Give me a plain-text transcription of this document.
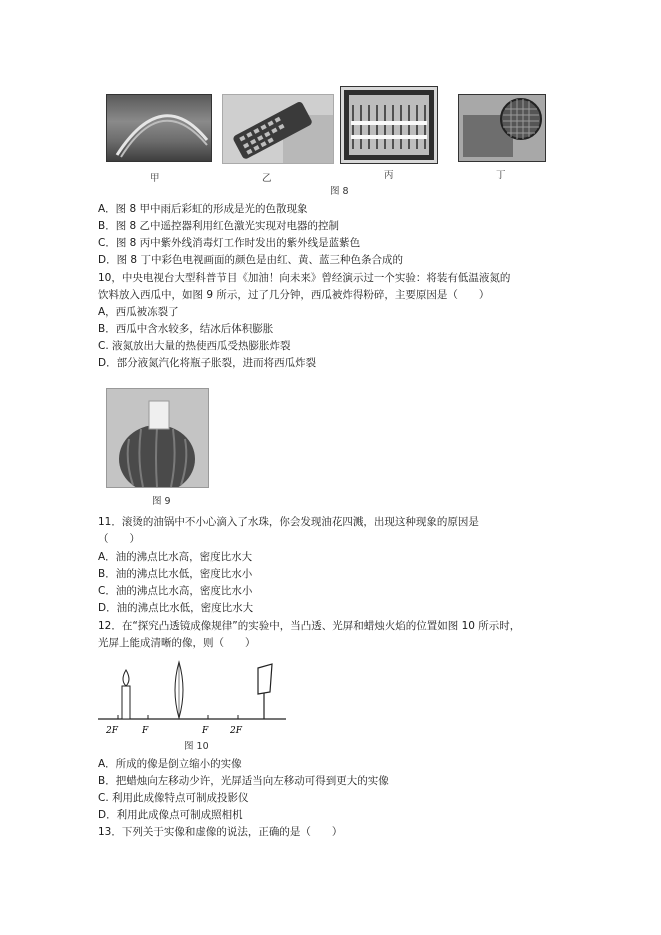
甲	乙	丙	丁
图 8
A．图 8 甲中雨后彩虹的形成是光的色散现象
B．图 8 乙中遥控器利用红色激光实现对电器的控制
C．图 8 丙中紫外线消毒灯工作时发出的紫外线是蓝紫色
D．图 8 丁中彩色电视画面的颜色是由红、黄、蓝三种色条合成的
10，中央电视台大型科普节目《加油！向未来》曾经演示过一个实验：将装有低温液氮的
饮料放入西瓜中，如图 9 所示，过了几分钟，西瓜被炸得粉碎，主要原因是（　　）
A，西瓜被冻裂了
B．西瓜中含水较多，结冰后体积膨胀
C. 液氮放出大量的热使西瓜受热膨胀炸裂
D．部分液氮汽化将瓶子胀裂，进而将西瓜炸裂
图 9
11．滚烫的油锅中不小心滴入了水珠，你会发现油花四溅，出现这种现象的原因是
（　　）
A．油的沸点比水高，密度比水大
B．油的沸点比水低，密度比水小
C．油的沸点比水高，密度比水小
D．油的沸点比水低，密度比水大
12．在“探究凸透镜成像规律”的实验中，当凸透、光屏和蜡烛火焰的位置如图 10 所示时，
光屏上能成清晰的像，则（　　）
2F	F	F 2F
图 10
A．所成的像是倒立缩小的实像
B．把蜡烛向左移动少许，光屏适当向左移动可得到更大的实像
C. 利用此成像特点可制成投影仪
D．利用此成像点可制成照相机
13．下列关于实像和虚像的说法，正确的是（　　）
